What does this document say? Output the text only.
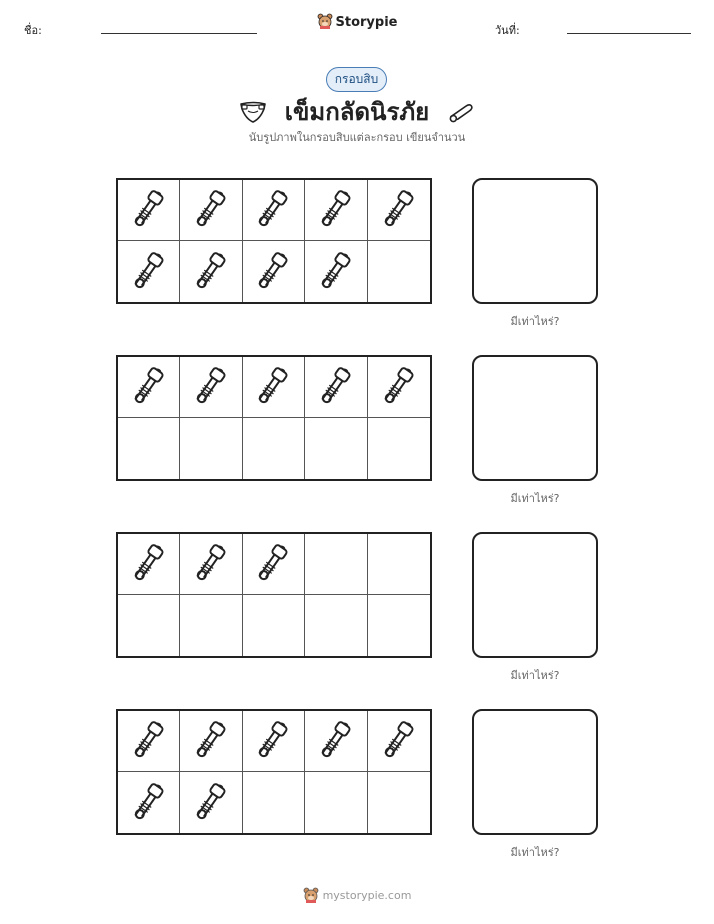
ชื่อ:
Storypie
วันที่:
กรอบสิบ
เข็มกลัดนิรภัย
นับรูปภาพในกรอบสิบแต่ละกรอบ เขียนจำนวน
มีเท่าไหร่?
มีเท่าไหร่?
มีเท่าไหร่?
มีเท่าไหร่?
mystorypie.com
